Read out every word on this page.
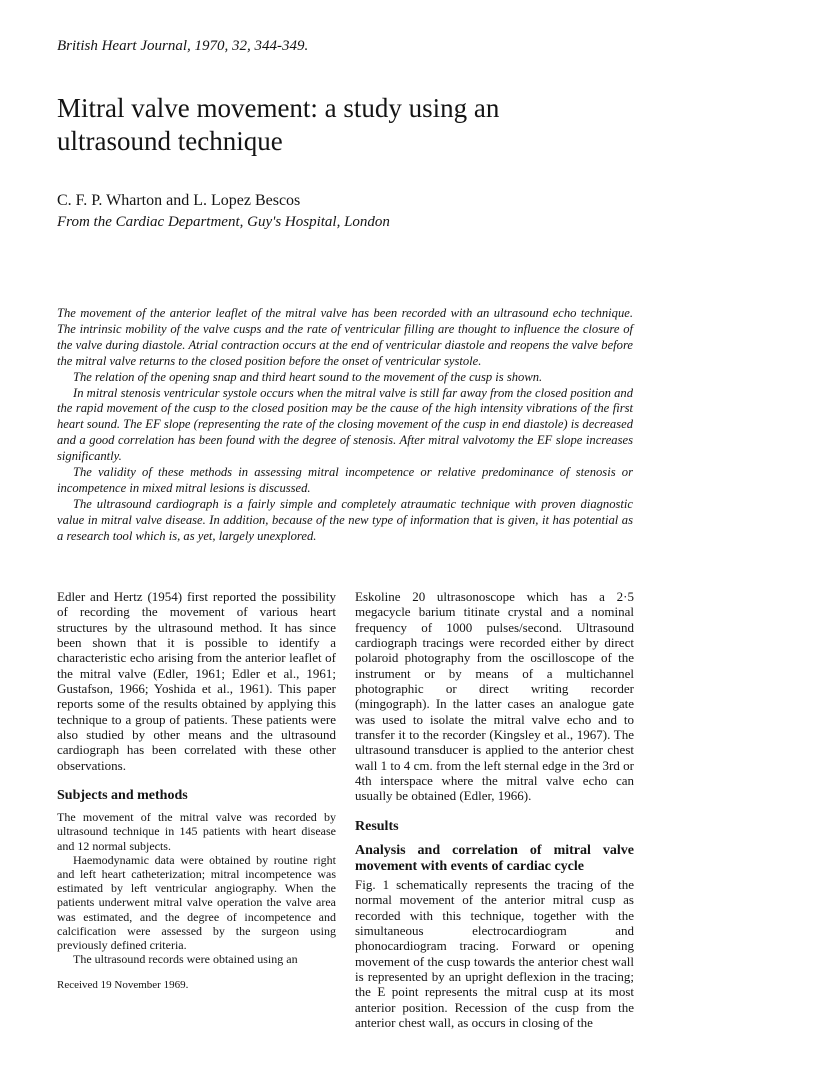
British Heart Journal, 1970, 32, 344-349.
Mitral valve movement: a study using an ultrasound technique
C. F. P. Wharton and L. Lopez Bescos
From the Cardiac Department, Guy's Hospital, London

The movement of the anterior leaflet of the mitral valve has been recorded with an ultrasound echo technique. The intrinsic mobility of the valve cusps and the rate of ventricular filling are thought to influence the closure of the valve during diastole. Atrial contraction occurs at the end of ventricular diastole and reopens the valve before the mitral valve returns to the closed position before the onset of ventricular systole.

The relation of the opening snap and third heart sound to the movement of the cusp is shown.

In mitral stenosis ventricular systole occurs when the mitral valve is still far away from the closed position and the rapid movement of the cusp to the closed position may be the cause of the high intensity vibrations of the first heart sound. The EF slope (representing the rate of the closing movement of the cusp in end diastole) is decreased and a good correlation has been found with the degree of stenosis. After mitral valvotomy the EF slope increases significantly.

The validity of these methods in assessing mitral incompetence or relative predominance of stenosis or incompetence in mixed mitral lesions is discussed.

The ultrasound cardiograph is a fairly simple and completely atraumatic technique with proven diagnostic value in mitral valve disease. In addition, because of the new type of information that is given, it has potential as a research tool which is, as yet, largely unexplored.

Edler and Hertz (1954) first reported the possibility of recording the movement of various heart structures by the ultrasound method. It has since been shown that it is possible to identify a characteristic echo arising from the anterior leaflet of the mitral valve (Edler, 1961; Edler et al., 1961; Gustafson, 1966; Yoshida et al., 1961). This paper reports some of the results obtained by applying this technique to a group of patients. These patients were also studied by other means and the ultrasound cardiograph has been correlated with these other observations.

Subjects and methods

The movement of the mitral valve was recorded by ultrasound technique in 145 patients with heart disease and 12 normal subjects.

Haemodynamic data were obtained by routine right and left heart catheterization; mitral incompetence was estimated by left ventricular angiography. When the patients underwent mitral valve operation the valve area was estimated, and the degree of incompetence and calcification were assessed by the surgeon using previously defined criteria.

The ultrasound records were obtained using an

Received 19 November 1969.

Eskoline 20 ultrasonoscope which has a 2·5 megacycle barium titinate crystal and a nominal frequency of 1000 pulses/second. Ultrasound cardiograph tracings were recorded either by direct polaroid photography from the oscilloscope of the instrument or by means of a multichannel photographic or direct writing recorder (mingograph). In the latter cases an analogue gate was used to isolate the mitral valve echo and to transfer it to the recorder (Kingsley et al., 1967). The ultrasound transducer is applied to the anterior chest wall 1 to 4 cm. from the left sternal edge in the 3rd or 4th interspace where the mitral valve echo can usually be obtained (Edler, 1966).

Results
Analysis and correlation of mitral valve movement with events of cardiac cycle

Fig. 1 schematically represents the tracing of the normal movement of the anterior mitral cusp as recorded with this technique, together with the simultaneous electrocardiogram and phonocardiogram tracing. Forward or opening movement of the cusp towards the anterior chest wall is represented by an upright deflexion in the tracing; the E point represents the mitral cusp at its most anterior position. Recession of the cusp from the anterior chest wall, as occurs in closing of the
